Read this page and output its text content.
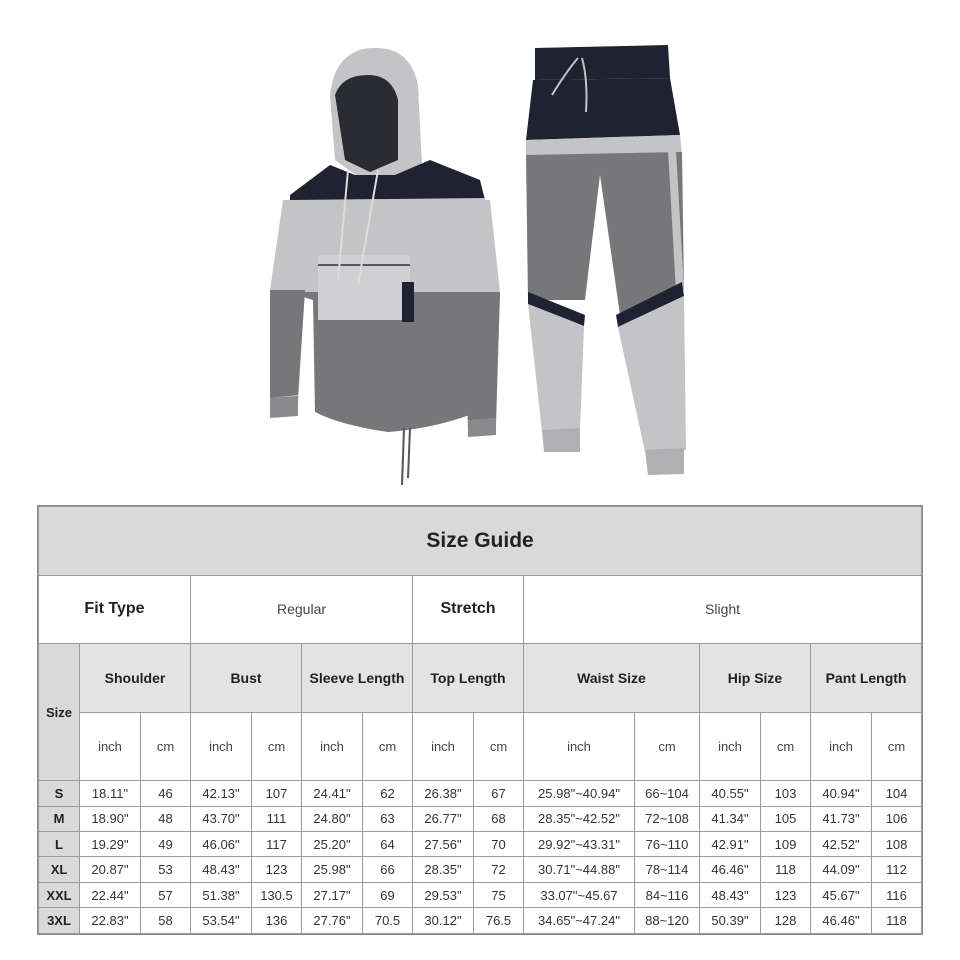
Size Guide														
Fit Type			Regular				Stretch		Slight					
Size	Shoulder		Bust		Sleeve Length		Top Length		Waist Size		Hip Size		Pant Length	
	inch	cm	inch	cm	inch	cm	inch	cm	inch	cm	inch	cm	inch	cm
S	18.11"	46	42.13"	107	24.41"	62	26.38"	67	25.98"~40.94"	66~104	40.55"	103	40.94"	104
M	18.90"	48	43.70"	111	24.80"	63	26.77"	68	28.35"~42.52"	72~108	41.34"	105	41.73"	106
L	19.29"	49	46.06"	117	25.20"	64	27.56"	70	29.92"~43.31"	76~110	42.91"	109	42.52"	108
XL	20.87"	53	48.43"	123	25.98"	66	28.35"	72	30.71"~44.88"	78~114	46.46"	118	44.09"	112
XXL	22.44"	57	51.38"	130.5	27.17"	69	29.53"	75	33.07"~45.67	84~116	48.43"	123	45.67"	116
3XL	22.83"	58	53.54"	136	27.76"	70.5	30.12"	76.5	34.65"~47.24"	88~120	50.39"	128	46.46"	118
